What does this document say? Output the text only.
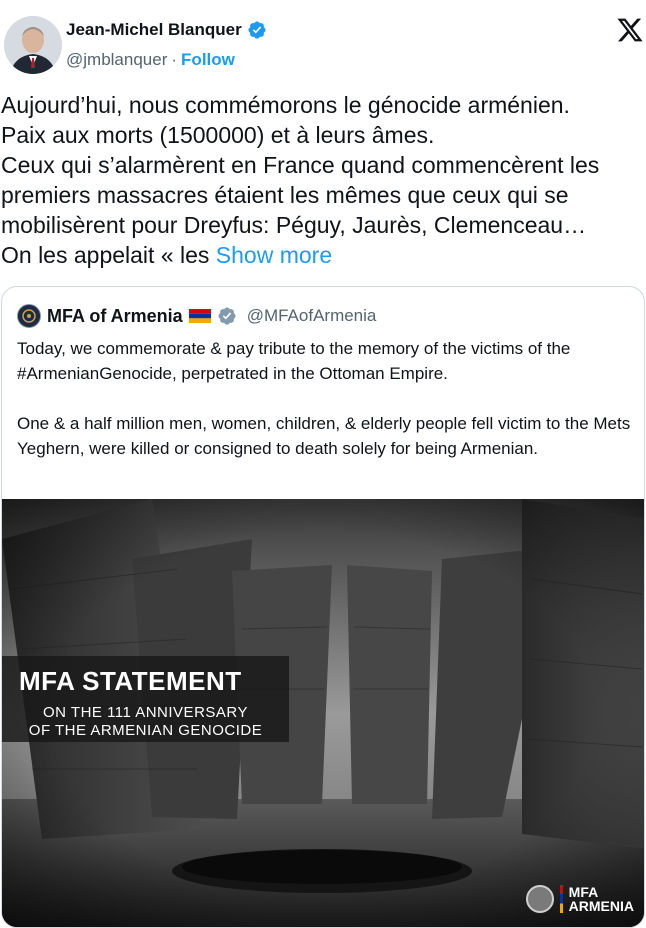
Jean-Michel Blanquer
@jmblanquer · Follow
Aujourd’hui, nous commémorons le génocide arménien.
Paix aux morts (1500000) et à leurs âmes.
Ceux qui s’alarmèrent en France quand commencèrent les premiers massacres étaient les mêmes que ceux qui se mobilisèrent pour Dreyfus: Péguy, Jaurès, Clemenceau…
On les appelait « les Show more
MFA of Armenia	@MFAofArmenia

Today, we commemorate & pay tribute to the memory of the victims of the #ArmenianGenocide, perpetrated in the Ottoman Empire.

One & a half million men, women, children, & elderly people fell victim to the Mets Yeghern, were killed or consigned to death solely for being Armenian.

MFA STATEMENT
ON THE 111 ANNIVERSARY
OF THE ARMENIAN GENOCIDE
MFA
ARMENIA
